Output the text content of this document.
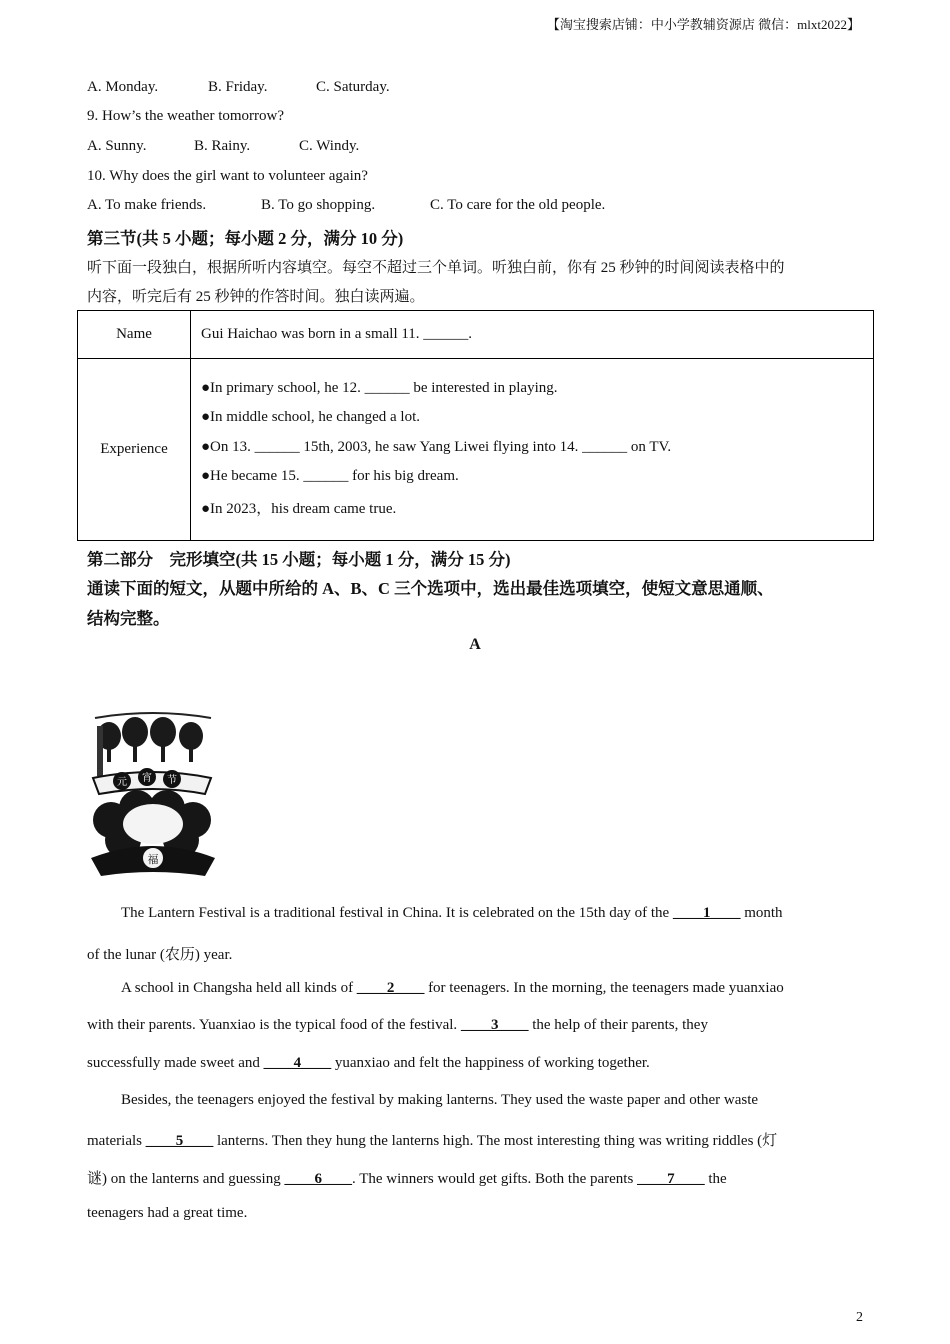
【淘宝搜索店铺：中小学教辅资源店 微信：mlxt2022】
A. Monday.	B. Friday.	C. Saturday.
9. How’s the weather tomorrow?
A. Sunny.	B. Rainy.	C. Windy.
10. Why does the girl want to volunteer again?
A. To make friends.	B. To go shopping.	C. To care for the old people.
第三节(共 5 小题；每小题 2 分，满分 10 分)
听下面一段独白，根据所听内容填空。每空不超过三个单词。听独白前，你有 25 秒钟的时间阅读表格中的
内容，听完后有 25 秒钟的作答时间。独白读两遍。
Name	Gui Haichao was born in a small 11. ______.
Experience	●In primary school, he 12. ______ be interested in playing.
●In middle school, he changed a lot.
●On 13. ______ 15th, 2003, he saw Yang Liwei flying into 14. ______ on TV.
●He became 15. ______ for his big dream.
●In 2023，his dream came true.
第二部分　完形填空(共 15 小题；每小题 1 分，满分 15 分)
通读下面的短文，从题中所给的 A、B、C 三个选项中，选出最佳选项填空，使短文意思通顺、
结构完整。
A
元 宵 节
福
The Lantern Festival is a traditional festival in China. It is celebrated on the 15th day of the ____1____ month
of the lunar (农历) year.
A school in Changsha held all kinds of ____2____ for teenagers. In the morning, the teenagers made yuanxiao
with their parents. Yuanxiao is the typical food of the festival. ____3____ the help of their parents, they
successfully made sweet and ____4____ yuanxiao and felt the happiness of working together.
Besides, the teenagers enjoyed the festival by making lanterns. They used the waste paper and other waste
materials ____5____ lanterns. Then they hung the lanterns high. The most interesting thing was writing riddles (灯
谜) on the lanterns and guessing ____6____. The winners would get gifts. Both the parents ____7____ the
teenagers had a great time.
2
